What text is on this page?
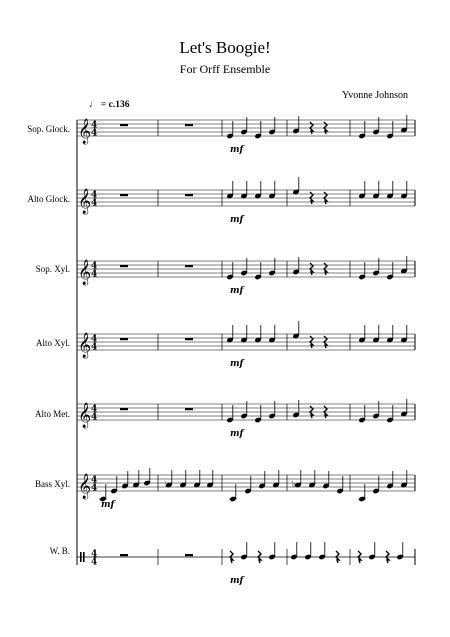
Let's Boogie!
For Orff Ensemble
Yvonne Johnson
♩ = c.136
Sop. Glock.
Alto Glock.
Sop. Xyl.
Alto Xyl.
Alto Met.
Bass Xyl.
W. B.
𝄞 4
4
mf
𝄞 4
4
mf
𝄞 4
4
mf
𝄞 4
4
mf
𝄞 4
4
mf
𝄞 4
4	♭	♭
mf
4
4
mf
